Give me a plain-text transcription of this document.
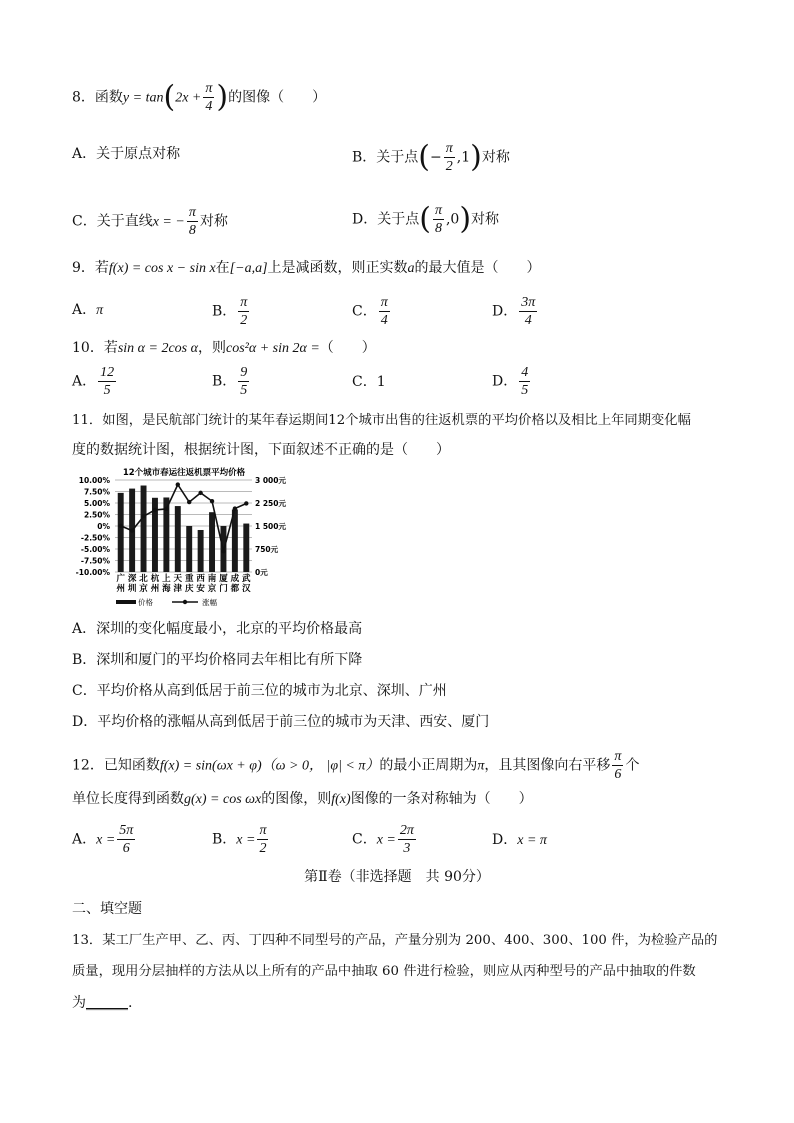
8．函数$y = \tan(2x + \frac{\pi}{4}$ )的图像（　　）
A．关于原点对称	B．关于点(− $\frac{\pi}{2} ,1$)对称
C．关于直线x = − $\frac{\pi}{8}$ 对称	D．关于点( $\frac{\pi}{8} ,0$)对称
9．若f(x) = cos x − sin x在[−a,a]上是减函数，则正实数a的最大值是（　　）
A．π	B． $\frac{\pi}{2}$	C． $\frac{\pi}{4}$	D． $\frac{3\pi}{4}$
10．若sin α = 2cos α，则cos²α + sin 2α =（　　）
A． $\frac{12}{5}$	B． $\frac{9}{5}$	C．1	D． $\frac{4}{5}$
11．如图，是民航部门统计的某年春运期间12个城市出售的往返机票的平均价格以及相比上年同期变化幅
度的数据统计图，根据统计图，下面叙述不正确的是（　　）
12个城市春运往返机票平均价格
10.00%
7.50%
5.00%
2.50%
0%
-2.50%
-5.00%
-7.50%
-10.00%
3 000元
2 250元
1 500元
750元
0元
广
州
深
圳
北
京
杭
州
上
海
天
津
重
庆
西
安
南
京
厦
门
成
都
武
汉
价格	涨幅
A．深圳的变化幅度最小，北京的平均价格最高
B．深圳和厦门的平均价格同去年相比有所下降
C．平均价格从高到低居于前三位的城市为北京、深圳、广州
D．平均价格的涨幅从高到低居于前三位的城市为天津、西安、厦门
12．已知函数f(x) = sin(ωx + φ)（ω > 0， |φ| < π）的最小正周期为π，且其图像向右平移 $\frac{\pi}{6}$ 个
单位长度得到函数g(x) = cos ωx的图像，则f(x)图像的一条对称轴为（　　）
A．$x = \frac{5\pi}{6}$	B．$x = \frac{\pi}{2}$	C．$x = \frac{2\pi}{3}$	D．x = π
第Ⅱ卷（非选择题　共 90分）
二、填空题
13．某工厂生产甲、乙、丙、丁四种不同型号的产品，产量分别为 200、400、300、100 件，为检验产品的
质量，现用分层抽样的方法从以上所有的产品中抽取 60 件进行检验，则应从丙种型号的产品中抽取的件数
为______.
